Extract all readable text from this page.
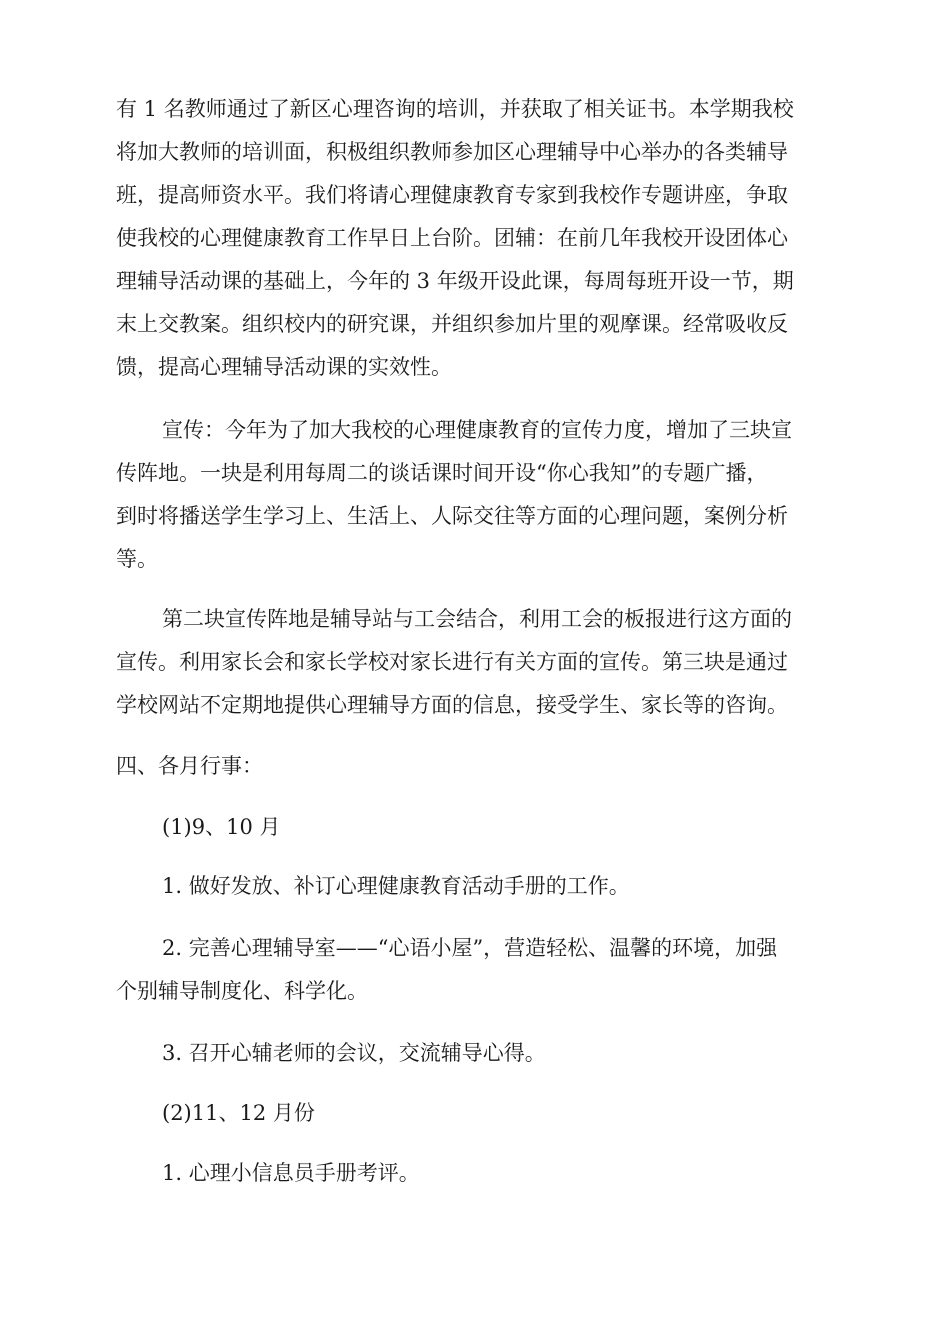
有 1 名教师通过了新区心理咨询的培训，并获取了相关证书。本学期我校
将加大教师的培训面，积极组织教师参加区心理辅导中心举办的各类辅导
班，提高师资水平。我们将请心理健康教育专家到我校作专题讲座，争取
使我校的心理健康教育工作早日上台阶。团辅：在前几年我校开设团体心
理辅导活动课的基础上，今年的 3 年级开设此课，每周每班开设一节，期
末上交教案。组织校内的研究课，并组织参加片里的观摩课。经常吸收反
馈，提高心理辅导活动课的实效性。
宣传：今年为了加大我校的心理健康教育的宣传力度，增加了三块宣
传阵地。一块是利用每周二的谈话课时间开设“你心我知”的专题广播，
到时将播送学生学习上、生活上、人际交往等方面的心理问题，案例分析
等。
第二块宣传阵地是辅导站与工会结合，利用工会的板报进行这方面的
宣传。利用家长会和家长学校对家长进行有关方面的宣传。第三块是通过
学校网站不定期地提供心理辅导方面的信息，接受学生、家长等的咨询。
四、各月行事：
(1)9、10 月
1. 做好发放、补订心理健康教育活动手册的工作。
2. 完善心理辅导室——“心语小屋”，营造轻松、温馨的环境，加强
个别辅导制度化、科学化。
3. 召开心辅老师的会议，交流辅导心得。
(2)11、12 月份
1. 心理小信息员手册考评。
